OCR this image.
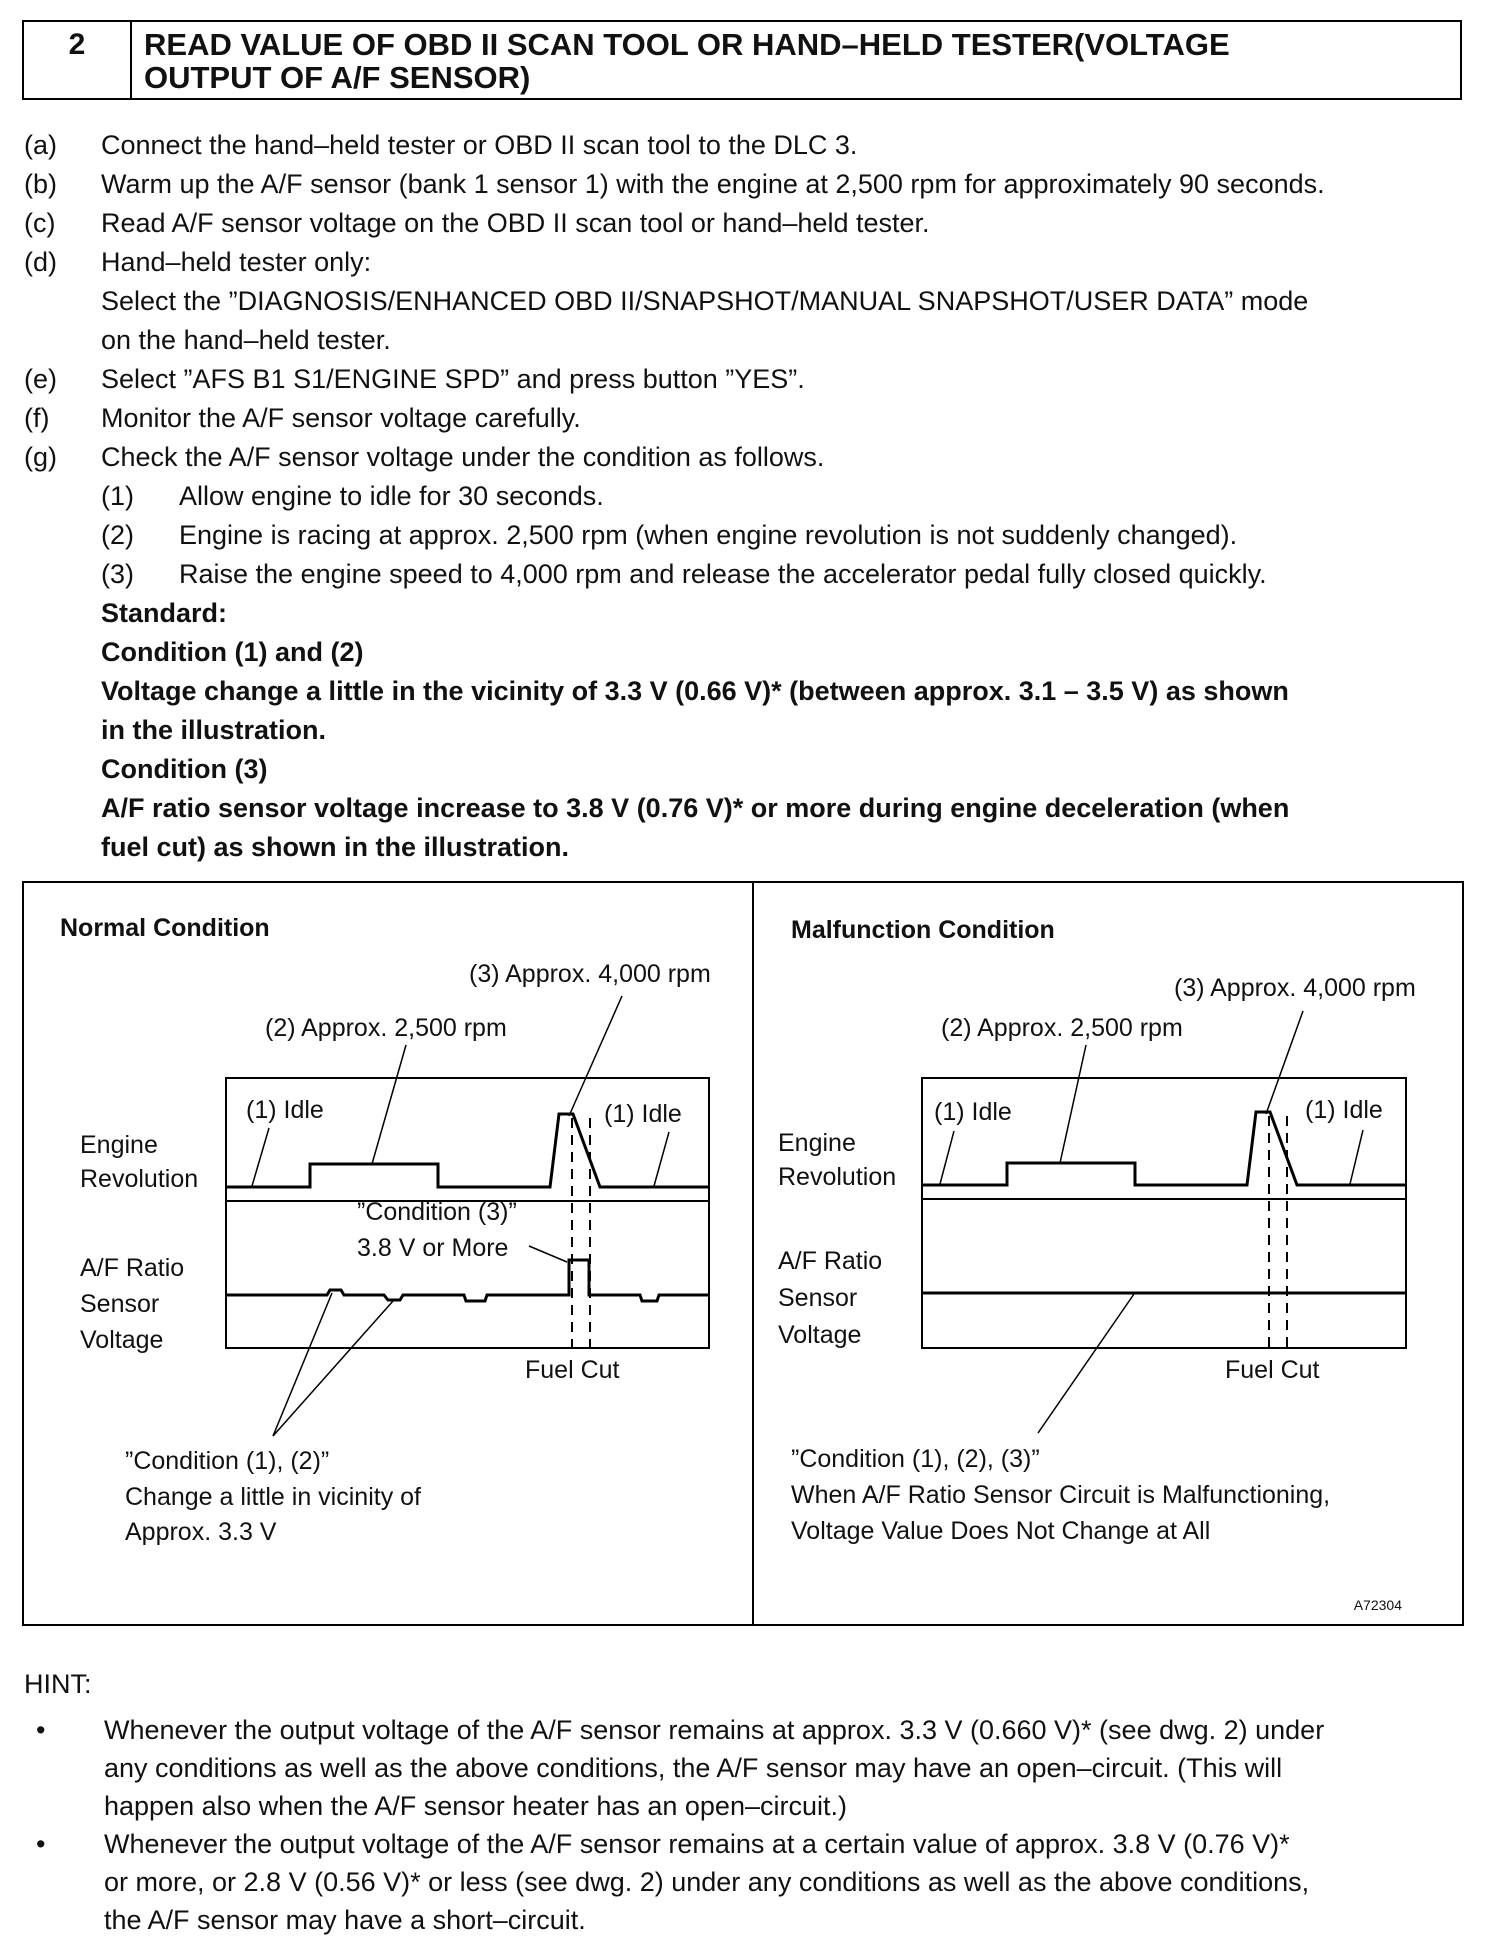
2	READ VALUE OF OBD II SCAN TOOL OR HAND–HELD TESTER(VOLTAGE
OUTPUT OF A/F SENSOR)
(a)	Connect the hand–held tester or OBD II scan tool to the DLC 3.
(b)	Warm up the A/F sensor (bank 1 sensor 1) with the engine at 2,500 rpm for approximately 90 seconds.
(c)	Read A/F sensor voltage on the OBD II scan tool or hand–held tester.
(d)	Hand–held tester only:
Select the ”DIAGNOSIS/ENHANCED OBD II/SNAPSHOT/MANUAL SNAPSHOT/USER DATA” mode
on the hand–held tester.
(e)	Select ”AFS B1 S1/ENGINE SPD” and press button ”YES”.
(f)	Monitor the A/F sensor voltage carefully.
(g)	Check the A/F sensor voltage under the condition as follows.
(1)	Allow engine to idle for 30 seconds.
(2)	Engine is racing at approx. 2,500 rpm (when engine revolution is not suddenly changed).
(3)	Raise the engine speed to 4,000 rpm and release the accelerator pedal fully closed quickly.
Standard:
Condition (1) and (2)
Voltage change a little in the vicinity of 3.3 V (0.66 V)* (between approx. 3.1 – 3.5 V) as shown
in the illustration.
Condition (3)
A/F ratio sensor voltage increase to 3.8 V (0.76 V)* or more during engine deceleration (when
fuel cut) as shown in the illustration.
Normal Condition
(3) Approx. 4,000 rpm
(2) Approx. 2,500 rpm
(1) Idle	(1) Idle
Engine
Revolution
A/F Ratio
Sensor
Voltage
”Condition (3)”
3.8 V or More
Fuel Cut
”Condition (1), (2)”
Change a little in vicinity of
Approx. 3.3 V
Malfunction Condition
(3) Approx. 4,000 rpm
(2) Approx. 2,500 rpm
(1) Idle	(1) Idle
Engine
Revolution
A/F Ratio
Sensor
Voltage
Fuel Cut
”Condition (1), (2), (3)”
When A/F Ratio Sensor Circuit is Malfunctioning,
Voltage Value Does Not Change at All
A72304
HINT:
•	Whenever the output voltage of the A/F sensor remains at approx. 3.3 V (0.660 V)* (see dwg. 2) under
any conditions as well as the above conditions, the A/F sensor may have an open–circuit. (This will
happen also when the A/F sensor heater has an open–circuit.)
•	Whenever the output voltage of the A/F sensor remains at a certain value of approx. 3.8 V (0.76 V)*
or more, or 2.8 V (0.56 V)* or less (see dwg. 2) under any conditions as well as the above conditions,
the A/F sensor may have a short–circuit.
